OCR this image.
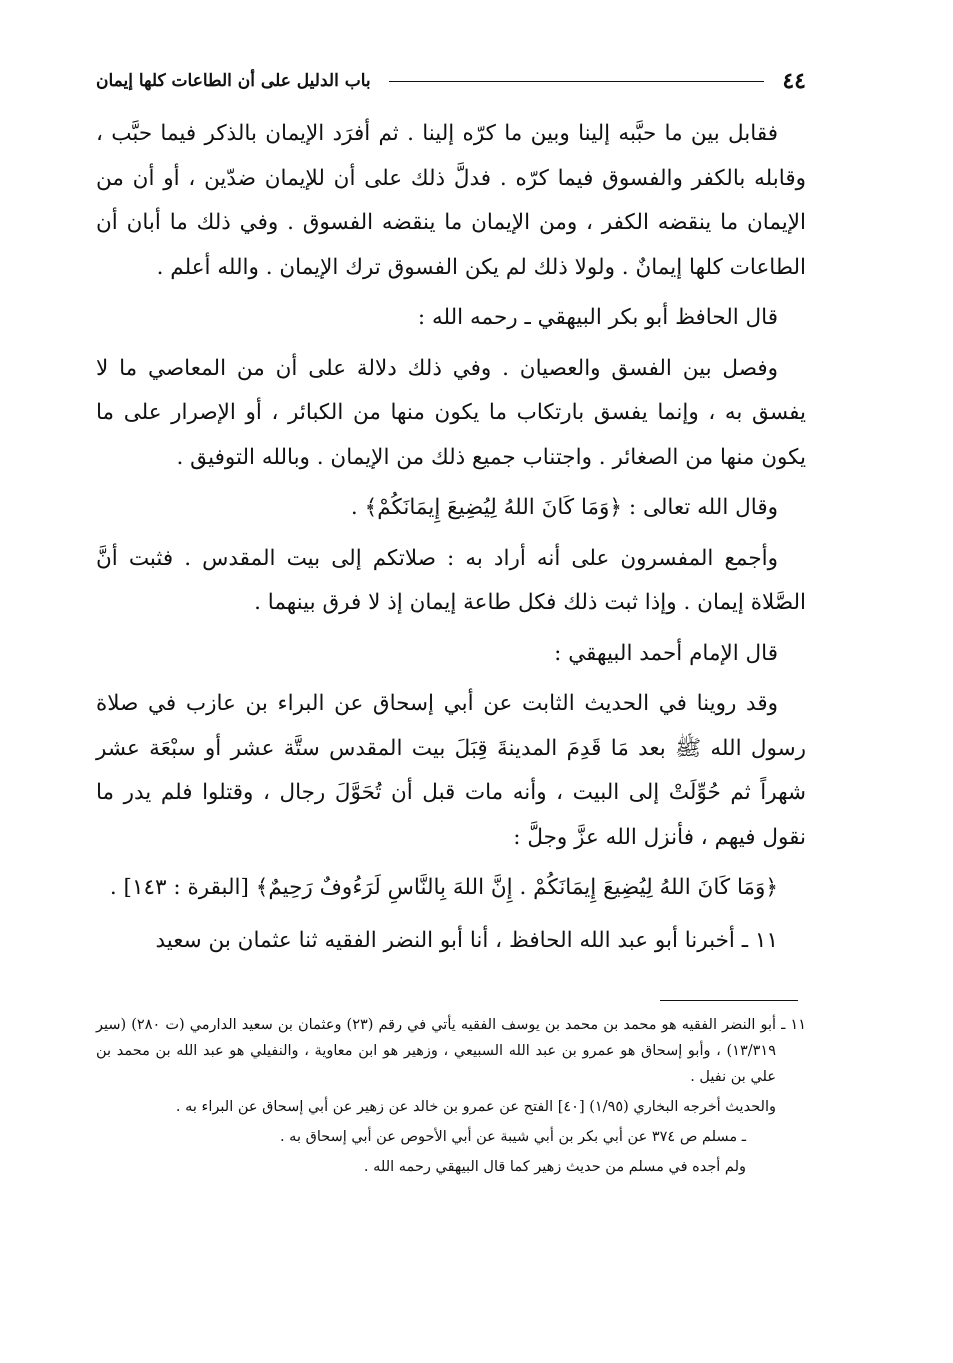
٤٤
باب الدليل على أن الطاعات كلها إيمان

فقابل بين ما حبَّبه إلينا وبين ما كرّه إلينا . ثم أفرَد الإيمان بالذكر فيما حبَّب ، وقابله بالكفر والفسوق فيما كرّه . فدلَّ ذلك على أن للإيمان ضدّين ، أو أن من الإيمان ما ينقضه الكفر ، ومن الإيمان ما ينقضه الفسوق . وفي ذلك ما أبان أن الطاعات كلها إيمانٌ . ولولا ذلك لم يكن الفسوق ترك الإيمان . والله أعلم .

قال الحافظ أبو بكر البيهقي ـ رحمه الله :

وفصل بين الفسق والعصيان . وفي ذلك دلالة على أن من المعاصي ما لا يفسق به ، وإنما يفسق بارتكاب ما يكون منها من الكبائر ، أو الإصرار على ما يكون منها من الصغائر . واجتناب جميع ذلك من الإيمان . وبالله التوفيق .

وقال الله تعالى : ﴿وَمَا كَانَ اللهُ لِيُضِيعَ إِيمَانَكُمْ﴾ .

وأجمع المفسرون على أنه أراد به : صلاتكم إلى بيت المقدس . فثبت أنَّ الصَّلاة إيمان . وإذا ثبت ذلك فكل طاعة إيمان إذ لا فرق بينهما .

قال الإمام أحمد البيهقي :

وقد روينا في الحديث الثابت عن أبي إسحاق عن البراء بن عازب في صلاة رسول الله ﷺ بعد مَا قَدِمَ المدينةَ قِبَلَ بيت المقدس ستَّة عشر أو سبْعَة عشر شهراً ثم حُوِّلَتْ إلى البيت ، وأنه مات قبل أن تُحَوَّلَ رجال ، وقتلوا فلم يدر ما نقول فيهم ، فأنزل الله عزَّ وجلَّ :

﴿وَمَا كَانَ اللهُ لِيُضِيعَ إِيمَانَكُمْ . إِنَّ اللهَ بِالنَّاسِ لَرَءُوفٌ رَحِيمٌ﴾ [البقرة : ١٤٣] .

١١ ـ أخبرنا أبو عبد الله الحافظ ، أنا أبو النضر الفقيه ثنا عثمان بن سعيد

١١ ـ أبو النضر الفقيه هو محمد بن محمد بن يوسف الفقيه يأتي في رقم (٢٣) وعثمان بن سعيد الدارمي (ت ٢٨٠) (سير ١٣/٣١٩) ، وأبو إسحاق هو عمرو بن عبد الله السبيعي ، وزهير هو ابن معاوية ، والنفيلي هو عبد الله بن محمد بن علي بن نفيل .

والحديث أخرجه البخاري (١/٩٥) [٤٠] الفتح عن عمرو بن خالد عن زهير عن أبي إسحاق عن البراء به .

ـ مسلم ص ٣٧٤ عن أبي بكر بن أبي شيبة عن أبي الأحوص عن أبي إسحاق به .

ولم أجده في مسلم من حديث زهير كما قال البيهقي رحمه الله .
